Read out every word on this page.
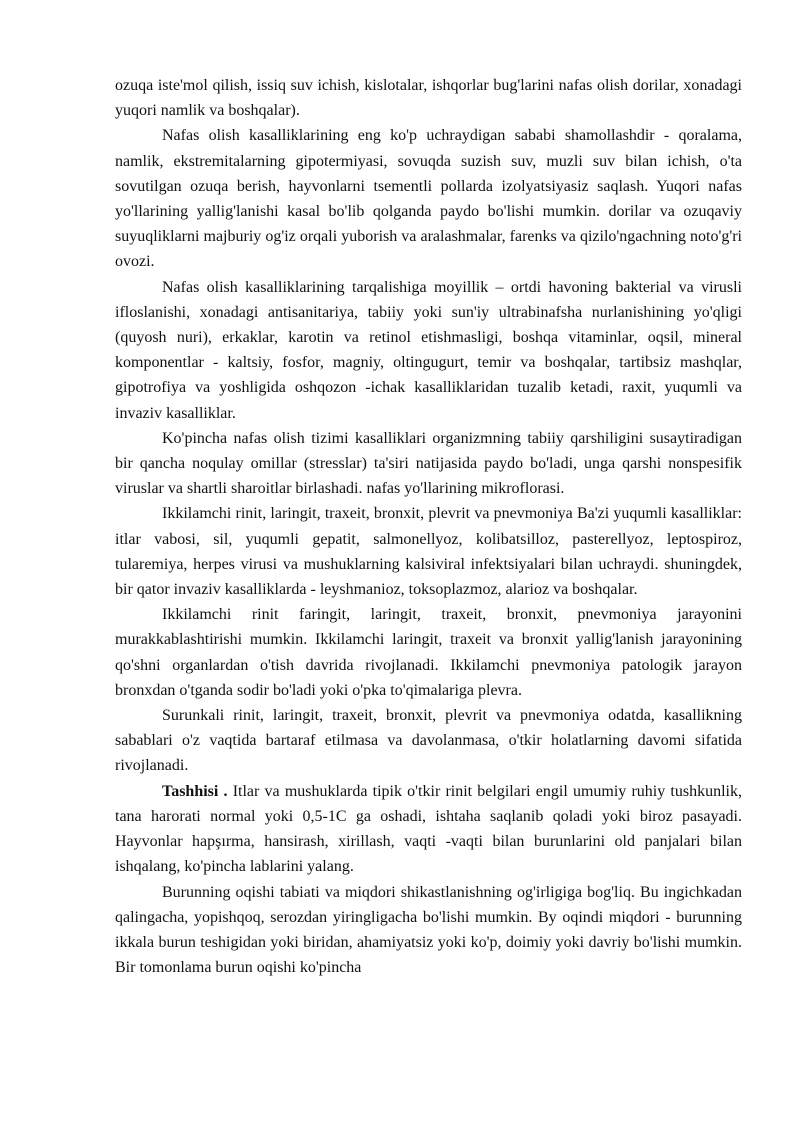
ozuqa iste'mol qilish, issiq suv ichish, kislotalar, ishqorlar bug'larini nafas olish dorilar, xonadagi yuqori namlik va boshqalar).

Nafas olish kasalliklarining eng ko'p uchraydigan sababi shamollashdir - qoralama, namlik, ekstremitalarning gipotermiyasi, sovuqda suzish suv, muzli suv bilan ichish, o'ta sovutilgan ozuqa berish, hayvonlarni tsementli pollarda izolyatsiyasiz saqlash. Yuqori nafas yo'llarining yallig'lanishi kasal bo'lib qolganda paydo bo'lishi mumkin. dorilar va ozuqaviy suyuqliklarni majburiy og'iz orqali yuborish va aralashmalar, farenks va qizilo'ngachning noto'g'ri ovozi.

Nafas olish kasalliklarining tarqalishiga moyillik – ortdi havoning bakterial va virusli ifloslanishi, xonadagi antisanitariya, tabiiy yoki sun'iy ultrabinafsha nurlanishining yo'qligi (quyosh nuri), erkaklar, karotin va retinol etishmasligi, boshqa vitaminlar, oqsil, mineral komponentlar - kaltsiy, fosfor, magniy, oltingugurt, temir va boshqalar, tartibsiz mashqlar, gipotrofiya va yoshligida oshqozon -ichak kasalliklaridan tuzalib ketadi, raxit, yuqumli va invaziv kasalliklar.

Ko'pincha nafas olish tizimi kasalliklari organizmning tabiiy qarshiligini susaytiradigan bir qancha noqulay omillar (stresslar) ta'siri natijasida paydo bo'ladi, unga qarshi nonspesifik viruslar va shartli sharoitlar birlashadi. nafas yo'llarining mikroflorasi.

Ikkilamchi rinit, laringit, traxeit, bronxit, plevrit va pnevmoniya Ba'zi yuqumli kasalliklar: itlar vabosi, sil, yuqumli gepatit, salmonellyoz, kolibatsilloz, pasterellyoz, leptospiroz, tularemiya, herpes virusi va mushuklarning kalsiviral infektsiyalari bilan uchraydi. shuningdek, bir qator invaziv kasalliklarda - leyshmanioz, toksoplazmoz, alarioz va boshqalar.

Ikkilamchi rinit faringit, laringit, traxeit, bronxit, pnevmoniya jarayonini murakkablashtirishi mumkin. Ikkilamchi laringit, traxeit va bronxit yallig'lanish jarayonining qo'shni organlardan o'tish davrida rivojlanadi. Ikkilamchi pnevmoniya patologik jarayon bronxdan o'tganda sodir bo'ladi yoki o'pka to'qimalariga plevra.

Surunkali rinit, laringit, traxeit, bronxit, plevrit va pnevmoniya odatda, kasallikning sabablari o'z vaqtida bartaraf etilmasa va davolanmasa, o'tkir holatlarning davomi sifatida rivojlanadi.

Tashhisi . Itlar va mushuklarda tipik o'tkir rinit belgilari engil umumiy ruhiy tushkunlik, tana harorati normal yoki 0,5-1C ga oshadi, ishtaha saqlanib qoladi yoki biroz pasayadi. Hayvonlar hapşırma, hansirash, xirillash, vaqti -vaqti bilan burunlarini old panjalari bilan ishqalang, ko'pincha lablarini yalang.

Burunning oqishi tabiati va miqdori shikastlanishning og'irligiga bog'liq. Bu ingichkadan qalingacha, yopishqoq, serozdan yiringligacha bo'lishi mumkin. By oqindi miqdori - burunning ikkala burun teshigidan yoki biridan, ahamiyatsiz yoki ko'p, doimiy yoki davriy bo'lishi mumkin. Bir tomonlama burun oqishi ko'pincha
